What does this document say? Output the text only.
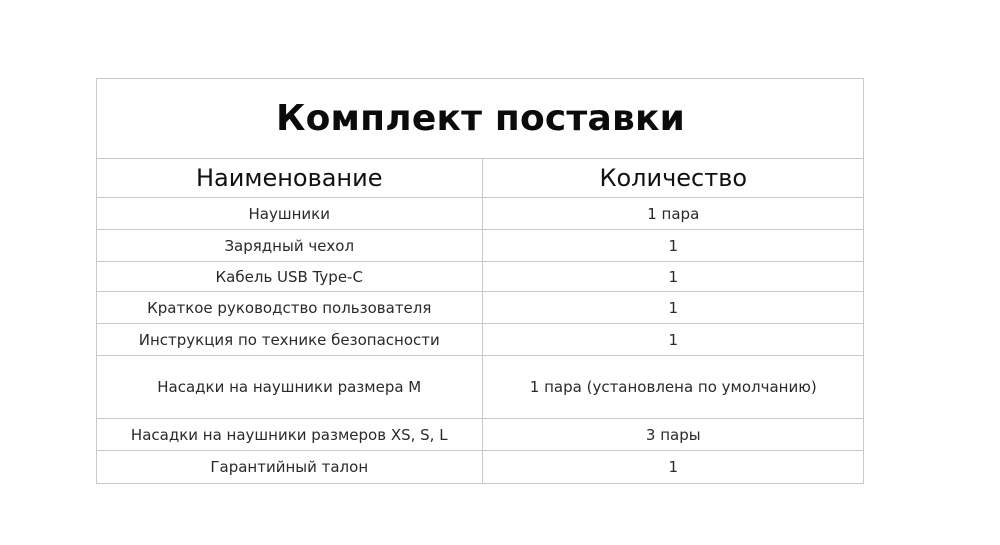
Комплект поставки	
Наименование	Количество
Наушники	1 пара
Зарядный чехол	1
Кабель USB Type-C	1
Краткое руководство пользователя	1
Инструкция по технике безопасности	1
Насадки на наушники размера M	1 пара (установлена по умолчанию)
Насадки на наушники размеров XS, S, L	3 пары
Гарантийный талон	1
